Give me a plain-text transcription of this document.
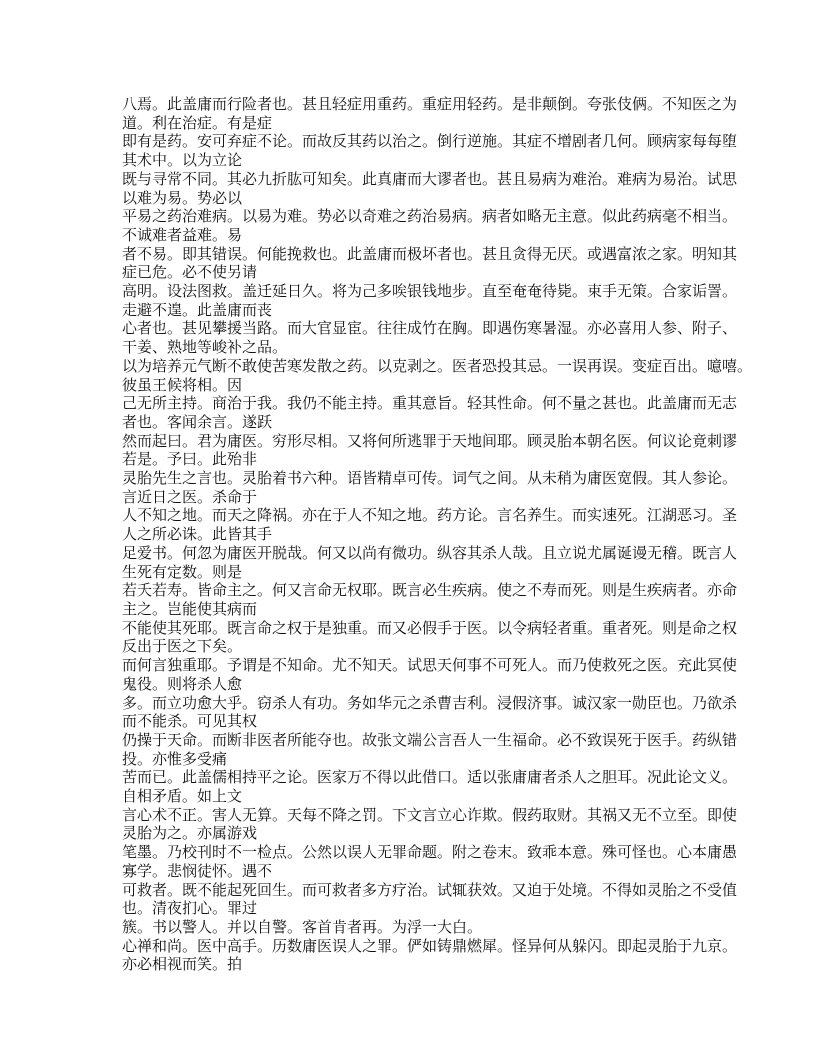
八焉。此盖庸而行险者也。甚且轻症用重药。重症用轻药。是非颠倒。夸张伎俩。不知医之为
道。利在治症。有是症
即有是药。安可弃症不论。而故反其药以治之。倒行逆施。其症不增剧者几何。顾病家每每堕
其术中。以为立论
既与寻常不同。其必九折肱可知矣。此真庸而大谬者也。甚且易病为难治。难病为易治。试思
以难为易。势必以
平易之药治难病。以易为难。势必以奇难之药治易病。病者如略无主意。似此药病毫不相当。
不诚难者益难。易
者不易。即其错误。何能挽救也。此盖庸而极坏者也。甚且贪得无厌。或遇富浓之家。明知其
症已危。必不使另请
高明。设法图救。盖迁延日久。将为己多唉银钱地步。直至奄奄待毙。束手无策。合家诟詈。
走避不遑。此盖庸而丧
心者也。甚见攀援当路。而大官显宦。往往成竹在胸。即遇伤寒暑湿。亦必喜用人参、附子、
干姜、熟地等峻补之品。
以为培养元气断不敢使苦寒发散之药。以克剥之。医者恐投其忌。一误再误。变症百出。噫嘻。
彼虽王候将相。因
己无所主持。商治于我。我仍不能主持。重其意旨。轻其性命。何不量之甚也。此盖庸而无志
者也。客闻余言。遂跃
然而起曰。君为庸医。穷形尽相。又将何所逃罪于天地间耶。顾灵胎本朝名医。何议论竟刺谬
若是。予曰。此殆非
灵胎先生之言也。灵胎着书六种。语皆精卓可传。词气之间。从未稍为庸医宽假。其人参论。
言近日之医。杀命于
人不知之地。而天之降祸。亦在于人不知之地。药方论。言名养生。而实速死。江湖恶习。圣
人之所必诛。此皆其手
足爱书。何忽为庸医开脱哉。何又以尚有微功。纵容其杀人哉。且立说尤属诞谩无稽。既言人
生死有定数。则是
若夭若寿。皆命主之。何又言命无权耶。既言必生疾病。使之不寿而死。则是生疾病者。亦命
主之。岂能使其病而
不能使其死耶。既言命之权于是独重。而又必假手于医。以令病轻者重。重者死。则是命之权
反出于医之下矣。
而何言独重耶。予谓是不知命。尤不知天。试思天何事不可死人。而乃使救死之医。充此冥使
鬼役。则将杀人愈
多。而立功愈大乎。窃杀人有功。务如华元之杀曹吉利。浸假济事。诚汉家一勋臣也。乃欲杀
而不能杀。可见其权
仍操于天命。而断非医者所能夺也。故张文端公言吾人一生福命。必不致误死于医手。药纵错
投。亦惟多受痛
苦而已。此盖儒相持平之论。医家万不得以此借口。适以张庸庸者杀人之胆耳。况此论文义。
自相矛盾。如上文
言心术不正。害人无算。天每不降之罚。下文言立心诈欺。假药取财。其祸又无不立至。即使
灵胎为之。亦属游戏
笔墨。乃校刊时不一检点。公然以误人无罪命题。附之卷末。致乖本意。殊可怪也。心本庸愚
寡学。悲悯徒怀。遇不
可救者。既不能起死回生。而可救者多方疗治。试辄获效。又迫于处境。不得如灵胎之不受值
也。清夜扪心。罪过
簇。书以警人。并以自警。客首肯者再。为浮一大白。
心禅和尚。医中高手。历数庸医误人之罪。俨如铸鼎燃犀。怪异何从躲闪。即起灵胎于九京。
亦必相视而笑。拍
